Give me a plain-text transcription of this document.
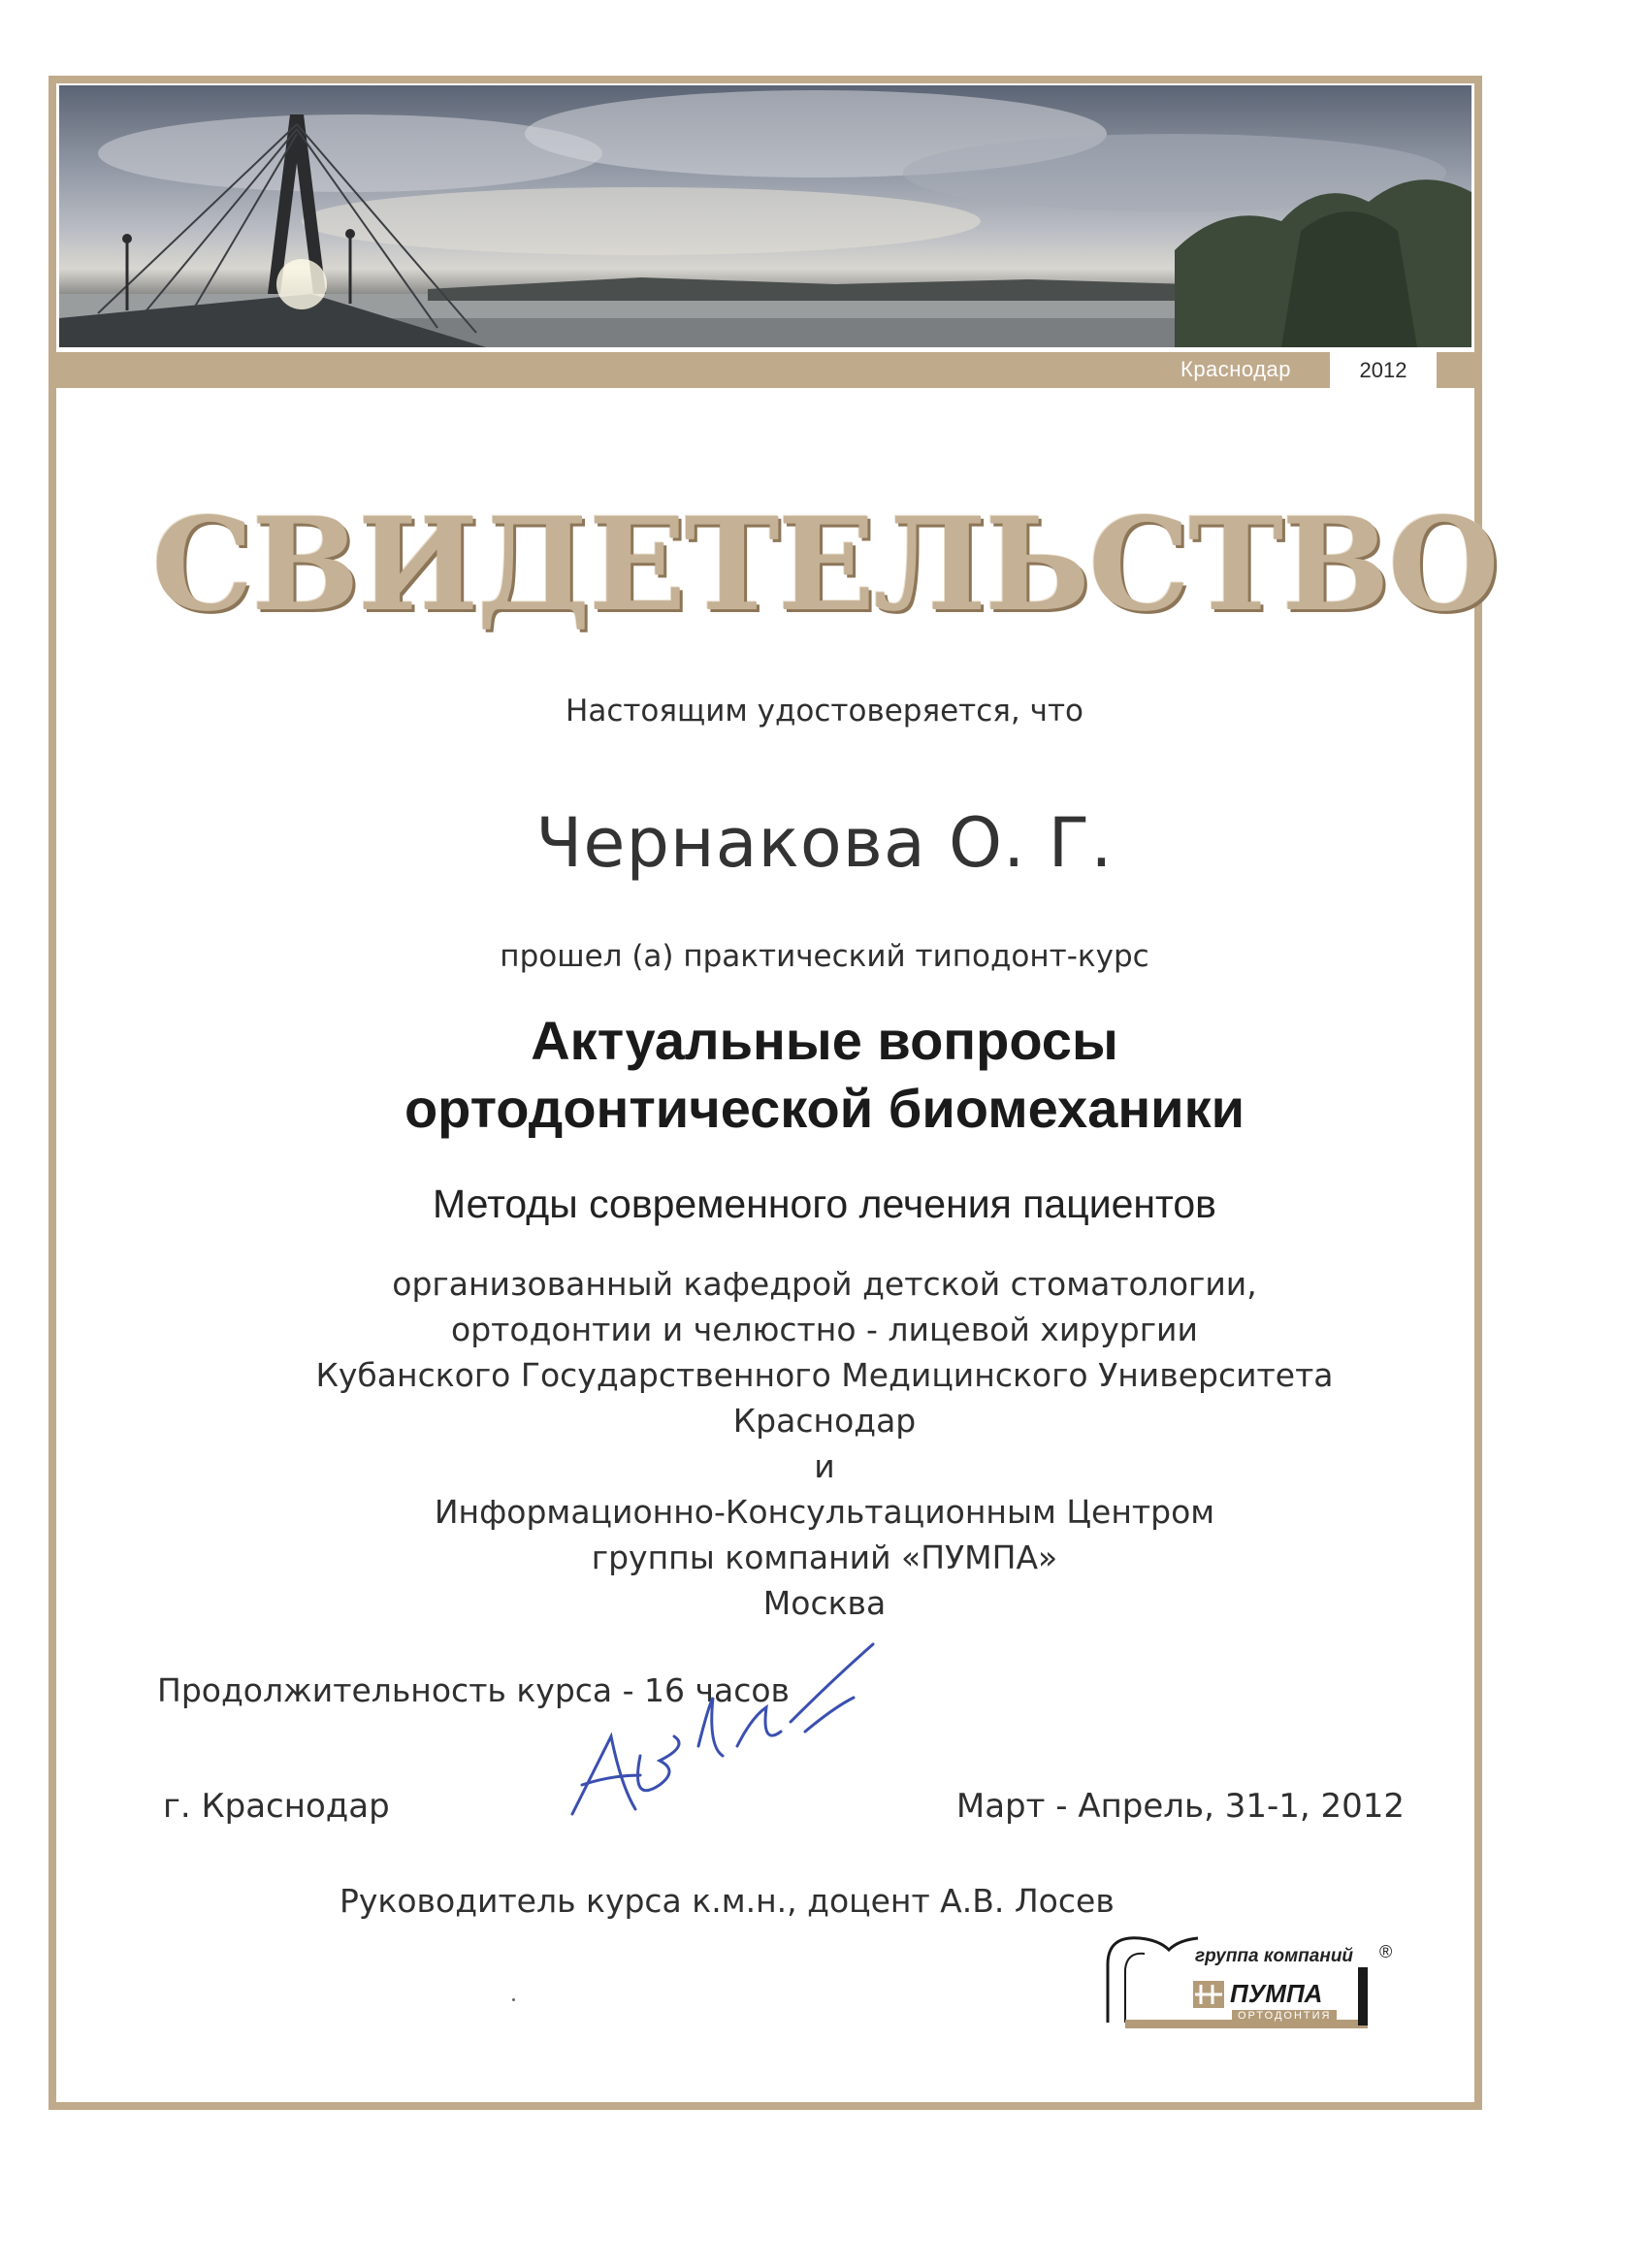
Краснодар	2012
СВИДЕТЕЛЬСТВО
Настоящим удостоверяется, что
Чернакова О. Г.
прошел (а) практический типодонт-курс
Актуальные вопросы
ортодонтической биомеханики
Методы современного лечения пациентов
организованный кафедрой детской стоматологии,
ортодонтии и челюстно - лицевой хирургии
Кубанского Государственного Медицинского Университета
Краснодар
и
Информационно-Консультационным Центром
группы компаний «ПУМПА»
Москва
Продолжительность курса - 16 часов
г. Краснодар	Март - Апрель, 31-1, 2012
Руководитель курса к.м.н., доцент А.В. Лосев
группа компаний ®
ПУМПА
ОРТОДОНТИЯ
